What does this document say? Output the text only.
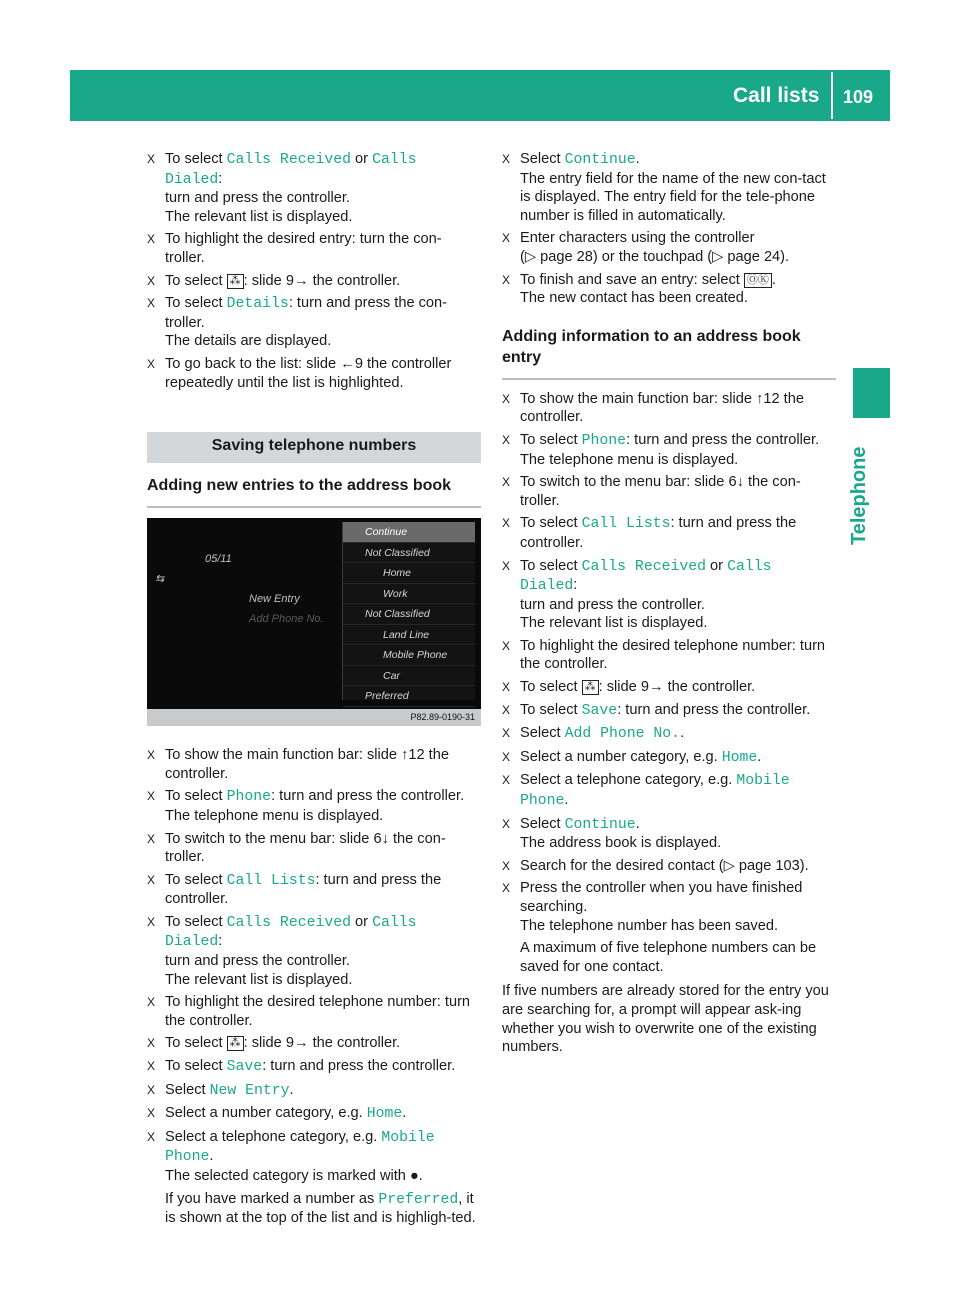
Call lists 109
Telephone
X To select Calls Received or Calls Dialed:
turn and press the controller.
The relevant list is displayed.
X To highlight the desired entry: turn the con-troller.
X To select ⁂ : slide 9→ the controller.
X To select Details: turn and press the con-troller.
The details are displayed.
X To go back to the list: slide ←9 the controller repeatedly until the list is highlighted.
Saving telephone numbers
Adding new entries to the address book
05/11
⇆
New Entry
Add Phone No.
Continue
Not Classified
Home
Work
Not Classified
Land Line
Mobile Phone
Car
Preferred
P82.89-0190-31
X To show the main function bar: slide ↑12 the controller.
X To select Phone: turn and press the controller.
The telephone menu is displayed.
X To switch to the menu bar: slide 6↓ the con-troller.
X To select Call Lists: turn and press the controller.
X To select Calls Received or Calls Dialed:
turn and press the controller.
The relevant list is displayed.
X To highlight the desired telephone number: turn the controller.
X To select ⁂ : slide 9→ the controller.
X To select Save: turn and press the controller.
X Select New Entry.
X Select a number category, e.g. Home.
X Select a telephone category, e.g. Mobile Phone.
The selected category is marked with ●.
If you have marked a number as Preferred, it is shown at the top of the list and is highligh-ted.
X Select Continue.
The entry field for the name of the new con-tact is displayed. The entry field for the tele-phone number is filled in automatically.
X Enter characters using the controller
(▷ page 28) or the touchpad (▷ page 24).
X To finish and save an entry: select ⓄⓀ .
The new contact has been created.
Adding information to an address book entry
X To show the main function bar: slide ↑12 the controller.
X To select Phone: turn and press the controller.
The telephone menu is displayed.
X To switch to the menu bar: slide 6↓ the con-troller.
X To select Call Lists: turn and press the controller.
X To select Calls Received or Calls Dialed:
turn and press the controller.
The relevant list is displayed.
X To highlight the desired telephone number: turn the controller.
X To select ⁂ : slide 9→ the controller.
X To select Save: turn and press the controller.
X Select Add Phone No..
X Select a number category, e.g. Home.
X Select a telephone category, e.g. Mobile Phone.
X Select Continue.
The address book is displayed.
X Search for the desired contact (▷ page 103).
X Press the controller when you have finished searching.
The telephone number has been saved.
A maximum of five telephone numbers can be saved for one contact.

If five numbers are already stored for the entry you are searching for, a prompt will appear ask-ing whether you wish to overwrite one of the existing numbers.
